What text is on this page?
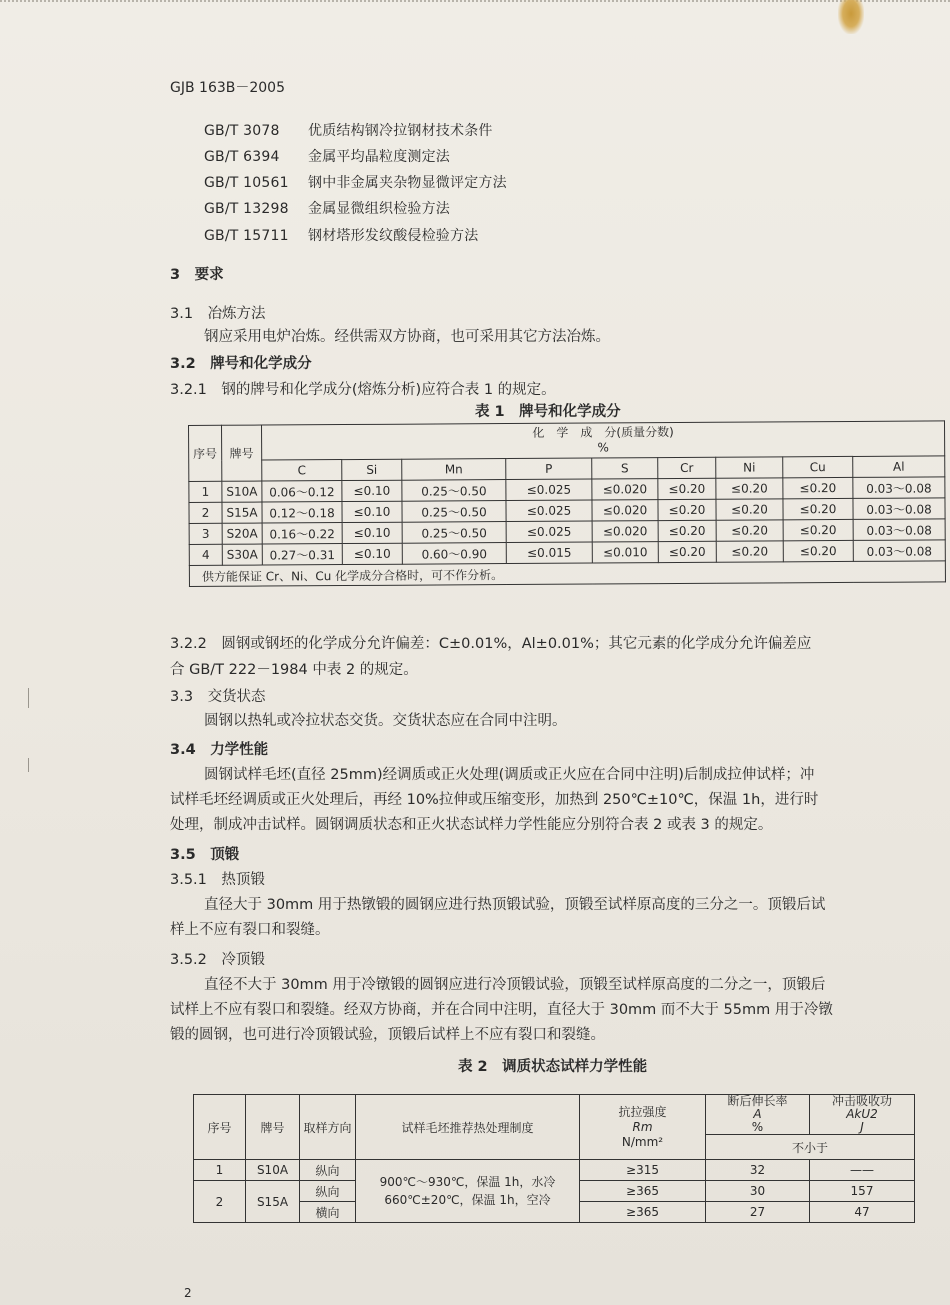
GJB 163B－2005
GB/T 3078 优质结构钢冷拉钢材技术条件
GB/T 6394 金属平均晶粒度测定法
GB/T 10561 钢中非金属夹杂物显微评定方法
GB/T 13298 金属显微组织检验方法
GB/T 15711 钢材塔形发纹酸侵检验方法
3　 要求
3.1　 冶炼方法
钢应采用电炉冶炼。经供需双方协商，也可采用其它方法冶炼。
3.2　 牌号和化学成分
3.2.1　 钢的牌号和化学成分(熔炼分析)应符合表 1 的规定。
表 1　牌号和化学成分
序号	牌号	化　学　成　分(质量分数)
%								
		C	Si	Mn	P	S	Cr	Ni	Cu	Al
1	S10A	0.06～0.12	≤0.10	0.25～0.50	≤0.025	≤0.020	≤0.20	≤0.20	≤0.20	0.03～0.08
2	S15A	0.12～0.18	≤0.10	0.25～0.50	≤0.025	≤0.020	≤0.20	≤0.20	≤0.20	0.03～0.08
3	S20A	0.16～0.22	≤0.10	0.25～0.50	≤0.025	≤0.020	≤0.20	≤0.20	≤0.20	0.03～0.08
4	S30A	0.27～0.31	≤0.10	0.60～0.90	≤0.015	≤0.010	≤0.20	≤0.20	≤0.20	0.03～0.08
供方能保证 Cr、Ni、Cu 化学成分合格时，可不作分析。										
3.2.2　圆钢或钢坯的化学成分允许偏差：C±0.01%，Al±0.01%；其它元素的化学成分允许偏差应
合 GB/T 222－1984 中表 2 的规定。
3.3　 交货状态
圆钢以热轧或冷拉状态交货。交货状态应在合同中注明。
3.4　 力学性能
圆钢试样毛坯(直径 25mm)经调质或正火处理(调质或正火应在合同中注明)后制成拉伸试样；冲
试样毛坯经调质或正火处理后，再经 10%拉伸或压缩变形，加热到 250℃±10℃，保温 1h，进行时
处理，制成冲击试样。圆钢调质状态和正火状态试样力学性能应分别符合表 2 或表 3 的规定。
3.5　 顶锻
3.5.1　 热顶锻
直径大于 30mm 用于热镦锻的圆钢应进行热顶锻试验，顶锻至试样原高度的三分之一。顶锻后试
样上不应有裂口和裂缝。
3.5.2　 冷顶锻
直径不大于 30mm 用于冷镦锻的圆钢应进行冷顶锻试验，顶锻至试样原高度的二分之一，顶锻后
试样上不应有裂口和裂缝。经双方协商，并在合同中注明，直径大于 30mm 而不大于 55mm 用于冷镦
锻的圆钢，也可进行冷顶锻试验，顶锻后试样上不应有裂口和裂缝。
表 2　调质状态试样力学性能
序号	牌号	取样方向	试样毛坯推荐热处理制度	抗拉强度
Rm
N/mm²	断后伸长率
A
%	冲击吸收功
AkU2
J
					不小于	
1	S10A	纵向	900℃～930℃，保温 1h，水冷
660℃±20℃，保温 1h，空冷	≥315	32	——
2	S15A	纵向		≥365	30	157
		横向		≥365	27	47
2
